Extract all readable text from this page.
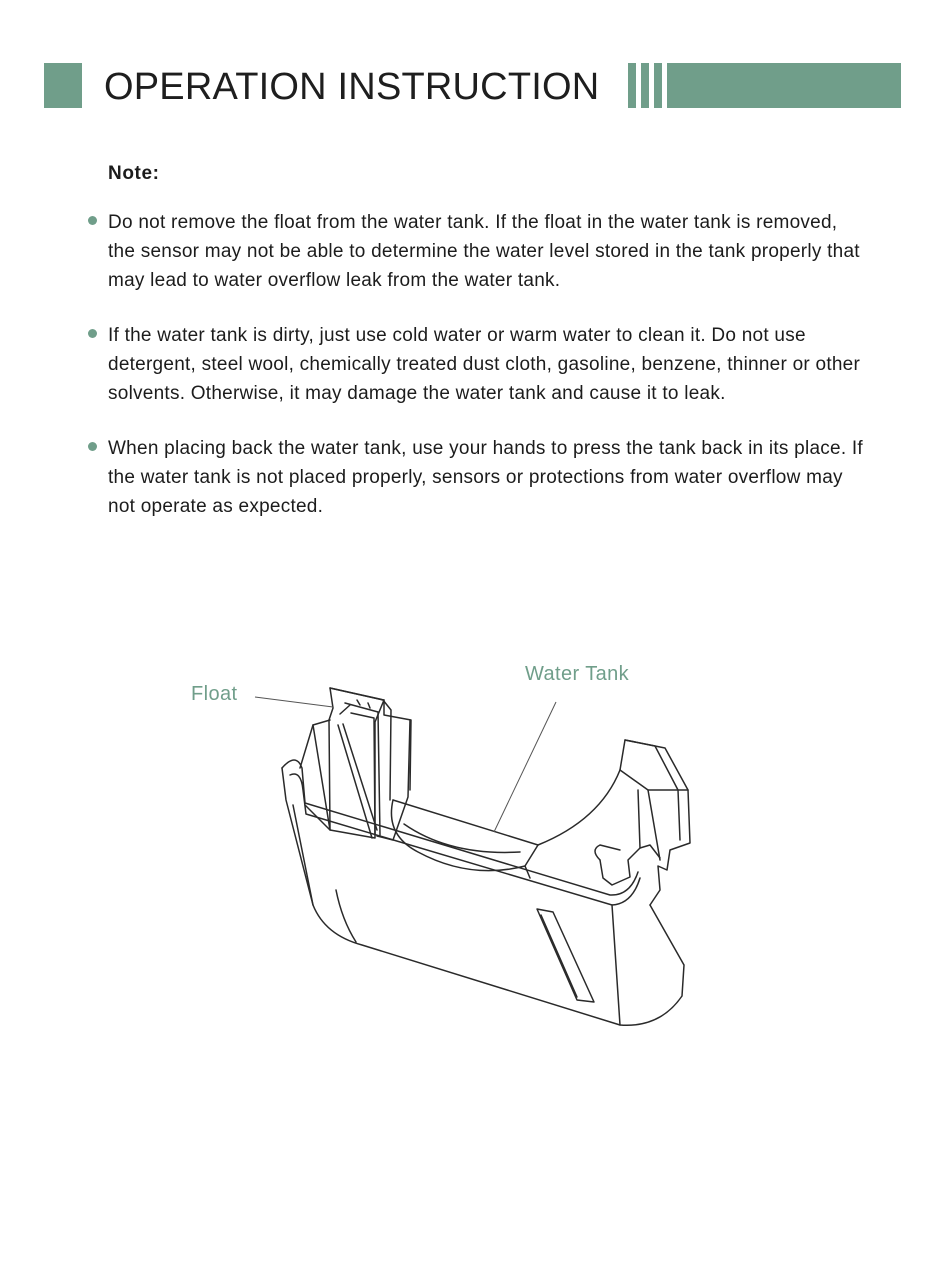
OPERATION INSTRUCTION
Note:
Do not remove the float from the water tank. If the float in the water tank is removed, the sensor may not be able to determine the water level stored in the tank properly that may lead to water overflow leak from the water tank.
If the water tank is dirty, just use cold water or warm water to clean it. Do not use detergent, steel wool, chemically treated dust cloth, gasoline, benzene, thinner or other solvents. Otherwise, it may damage the water tank and cause it to leak.
When placing back the water tank, use your hands to press the tank back in its place. If the water tank is not placed properly, sensors or protections from water overflow may not operate as expected.
Float
Water Tank
